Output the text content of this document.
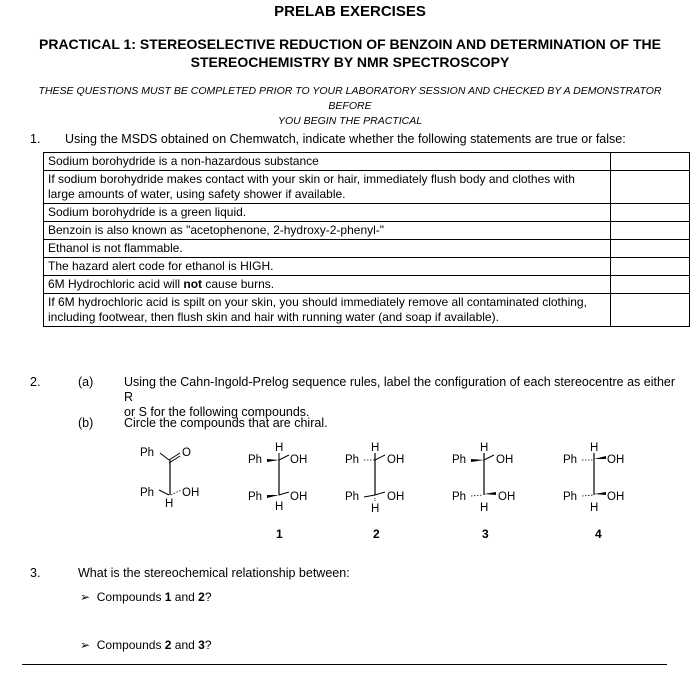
PRELAB EXERCISES
PRACTICAL 1: STEREOSELECTIVE REDUCTION OF BENZOIN AND DETERMINATION OF THE
STEREOCHEMISTRY BY NMR SPECTROSCOPY
THESE QUESTIONS MUST BE COMPLETED PRIOR TO YOUR LABORATORY SESSION AND CHECKED BY A DEMONSTRATOR BEFORE
YOU BEGIN THE PRACTICAL
1. Using the MSDS obtained on Chemwatch, indicate whether the following statements are true or false:
Sodium borohydride is a non-hazardous substance	

If sodium borohydride makes contact with your skin or hair, immediately flush body and clothes with
large amounts of water, using safety shower if available.	

Sodium borohydride is a green liquid.	
Benzoin is also known as "acetophenone, 2-hydroxy-2-phenyl-"	
Ethanol is not flammable.	
The hazard alert code for ethanol is HIGH.	
6M Hydrochloric acid will not cause burns.	

If 6M hydrochloric acid is spilt on your skin, you should immediately remove all contaminated clothing,
including footwear, then flush skin and hair with running water (and soap if available).	

2.	(a) Using the Cahn-Ingold-Prelog sequence rules, label the configuration of each stereocentre as either R
or S for the following compounds.
(b) Circle the compounds that are chiral.
Ph O
Ph OH
H
H
Ph OH
Ph OH
H
H
Ph OH
Ph OH
H
H
Ph	OH
Ph	OH
H
H
Ph	OH
Ph	OH
H
1	2	3	4
3.	What is the stereochemical relationship between:
➢ Compounds 1 and 2?
➢ Compounds 2 and 3?
